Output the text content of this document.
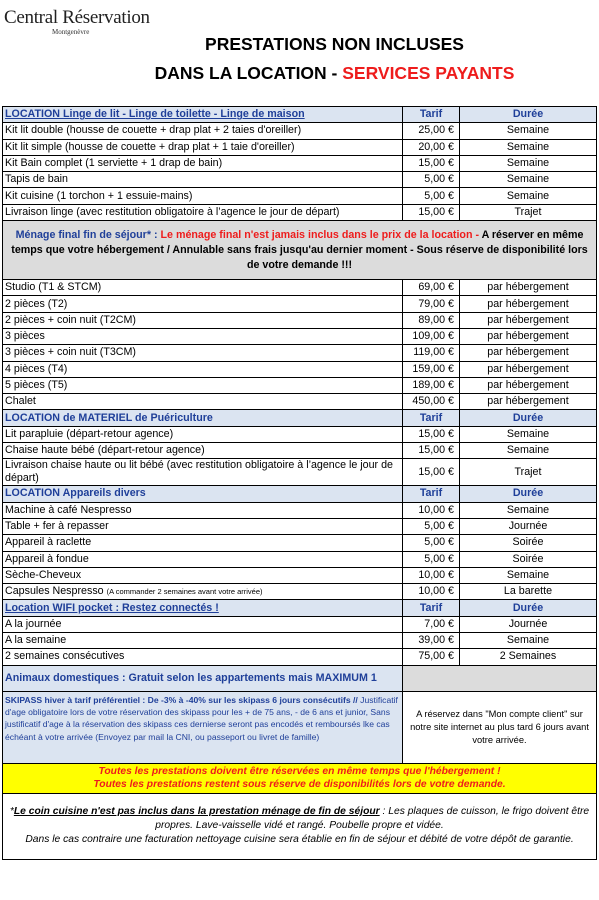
Central Réservation
Montgenèvre
PRESTATIONS NON INCLUSES
DANS LA LOCATION - SERVICES PAYANTS
LOCATION Linge de lit - Linge de toilette - Linge de maison	Tarif	Durée
Kit lit double (housse de couette + drap plat + 2 taies d'oreiller)	25,00 €	Semaine
Kit lit simple (housse de couette + drap plat + 1 taie d'oreiller)	20,00 €	Semaine
Kit Bain complet (1 serviette + 1 drap de bain)	15,00 €	Semaine
Tapis de bain	5,00 €	Semaine
Kit cuisine (1 torchon + 1 essuie-mains)	5,00 €	Semaine
Livraison linge (avec restitution obligatoire à l’agence le jour de départ)	15,00 €	Trajet
Ménage final fin de séjour* : Le ménage final n'est jamais inclus dans le prix de la location - A réserver en même temps que votre hébergement / Annulable sans frais jusqu'au dernier moment - Sous réserve de disponibilité lors de votre demande !!!		
Studio (T1 & STCM)	69,00 €	par hébergement
2 pièces (T2)	79,00 €	par hébergement
2 pièces + coin nuit (T2CM)	89,00 €	par hébergement
3 pièces	109,00 €	par hébergement
3 pièces + coin nuit (T3CM)	119,00 €	par hébergement
4 pièces (T4)	159,00 €	par hébergement
5 pièces (T5)	189,00 €	par hébergement
Chalet	450,00 €	par hébergement
LOCATION de MATERIEL de Puériculture	Tarif	Durée
Lit parapluie (départ-retour agence)	15,00 €	Semaine
Chaise haute bébé (départ-retour agence)	15,00 €	Semaine
Livraison chaise haute ou lit bébé (avec restitution obligatoire à l’agence le jour de départ)	15,00 €	Trajet
LOCATION Appareils divers	Tarif	Durée
Machine à café Nespresso	10,00 €	Semaine
Table + fer à repasser	5,00 €	Journée
Appareil à raclette	5,00 €	Soirée
Appareil à fondue	5,00 €	Soirée
Sèche-Cheveux	10,00 €	Semaine
Capsules Nespresso (A commander 2 semaines avant votre arrivée)	10,00 €	La barette
Location WIFI pocket : Restez connectés !	Tarif	Durée
A la journée	7,00 €	Journée
A la semaine	39,00 €	Semaine
2 semaines consécutives	75,00 €	2 Semaines
Animaux domestiques : Gratuit selon les appartements mais MAXIMUM 1		
SKIPASS hiver à tarif préférentiel : De -3% à -40% sur les skipass 6 jours consécutifs // Justificatif d'age obligatoire lors de votre réservation des skipass pour les + de 75 ans, - de 6 ans et junior, Sans justificatif d'age à la réservation des skipass ces dernierse seront pas encodés et remboursés lke cas échéant à votre arrivée (Envoyez par mail la CNI, ou passeport ou livret de famille)	A réservez dans "Mon compte client" sur notre site internet au plus tard 6 jours avant votre arrivée.	

Toutes les prestations doivent être réservées en même temps que l'hébergement !
Toutes les prestations restent sous réserve de disponibilités lors de votre demande.		

*Le coin cuisine n'est pas inclus dans la prestation ménage de fin de séjour : Les plaques de cuisson, le frigo doivent être propres. Lave-vaisselle vidé et rangé. Poubelle propre et vidée.
Dans le cas contraire une facturation nettoyage cuisine sera établie en fin de séjour et débité de votre dépôt de garantie.		
